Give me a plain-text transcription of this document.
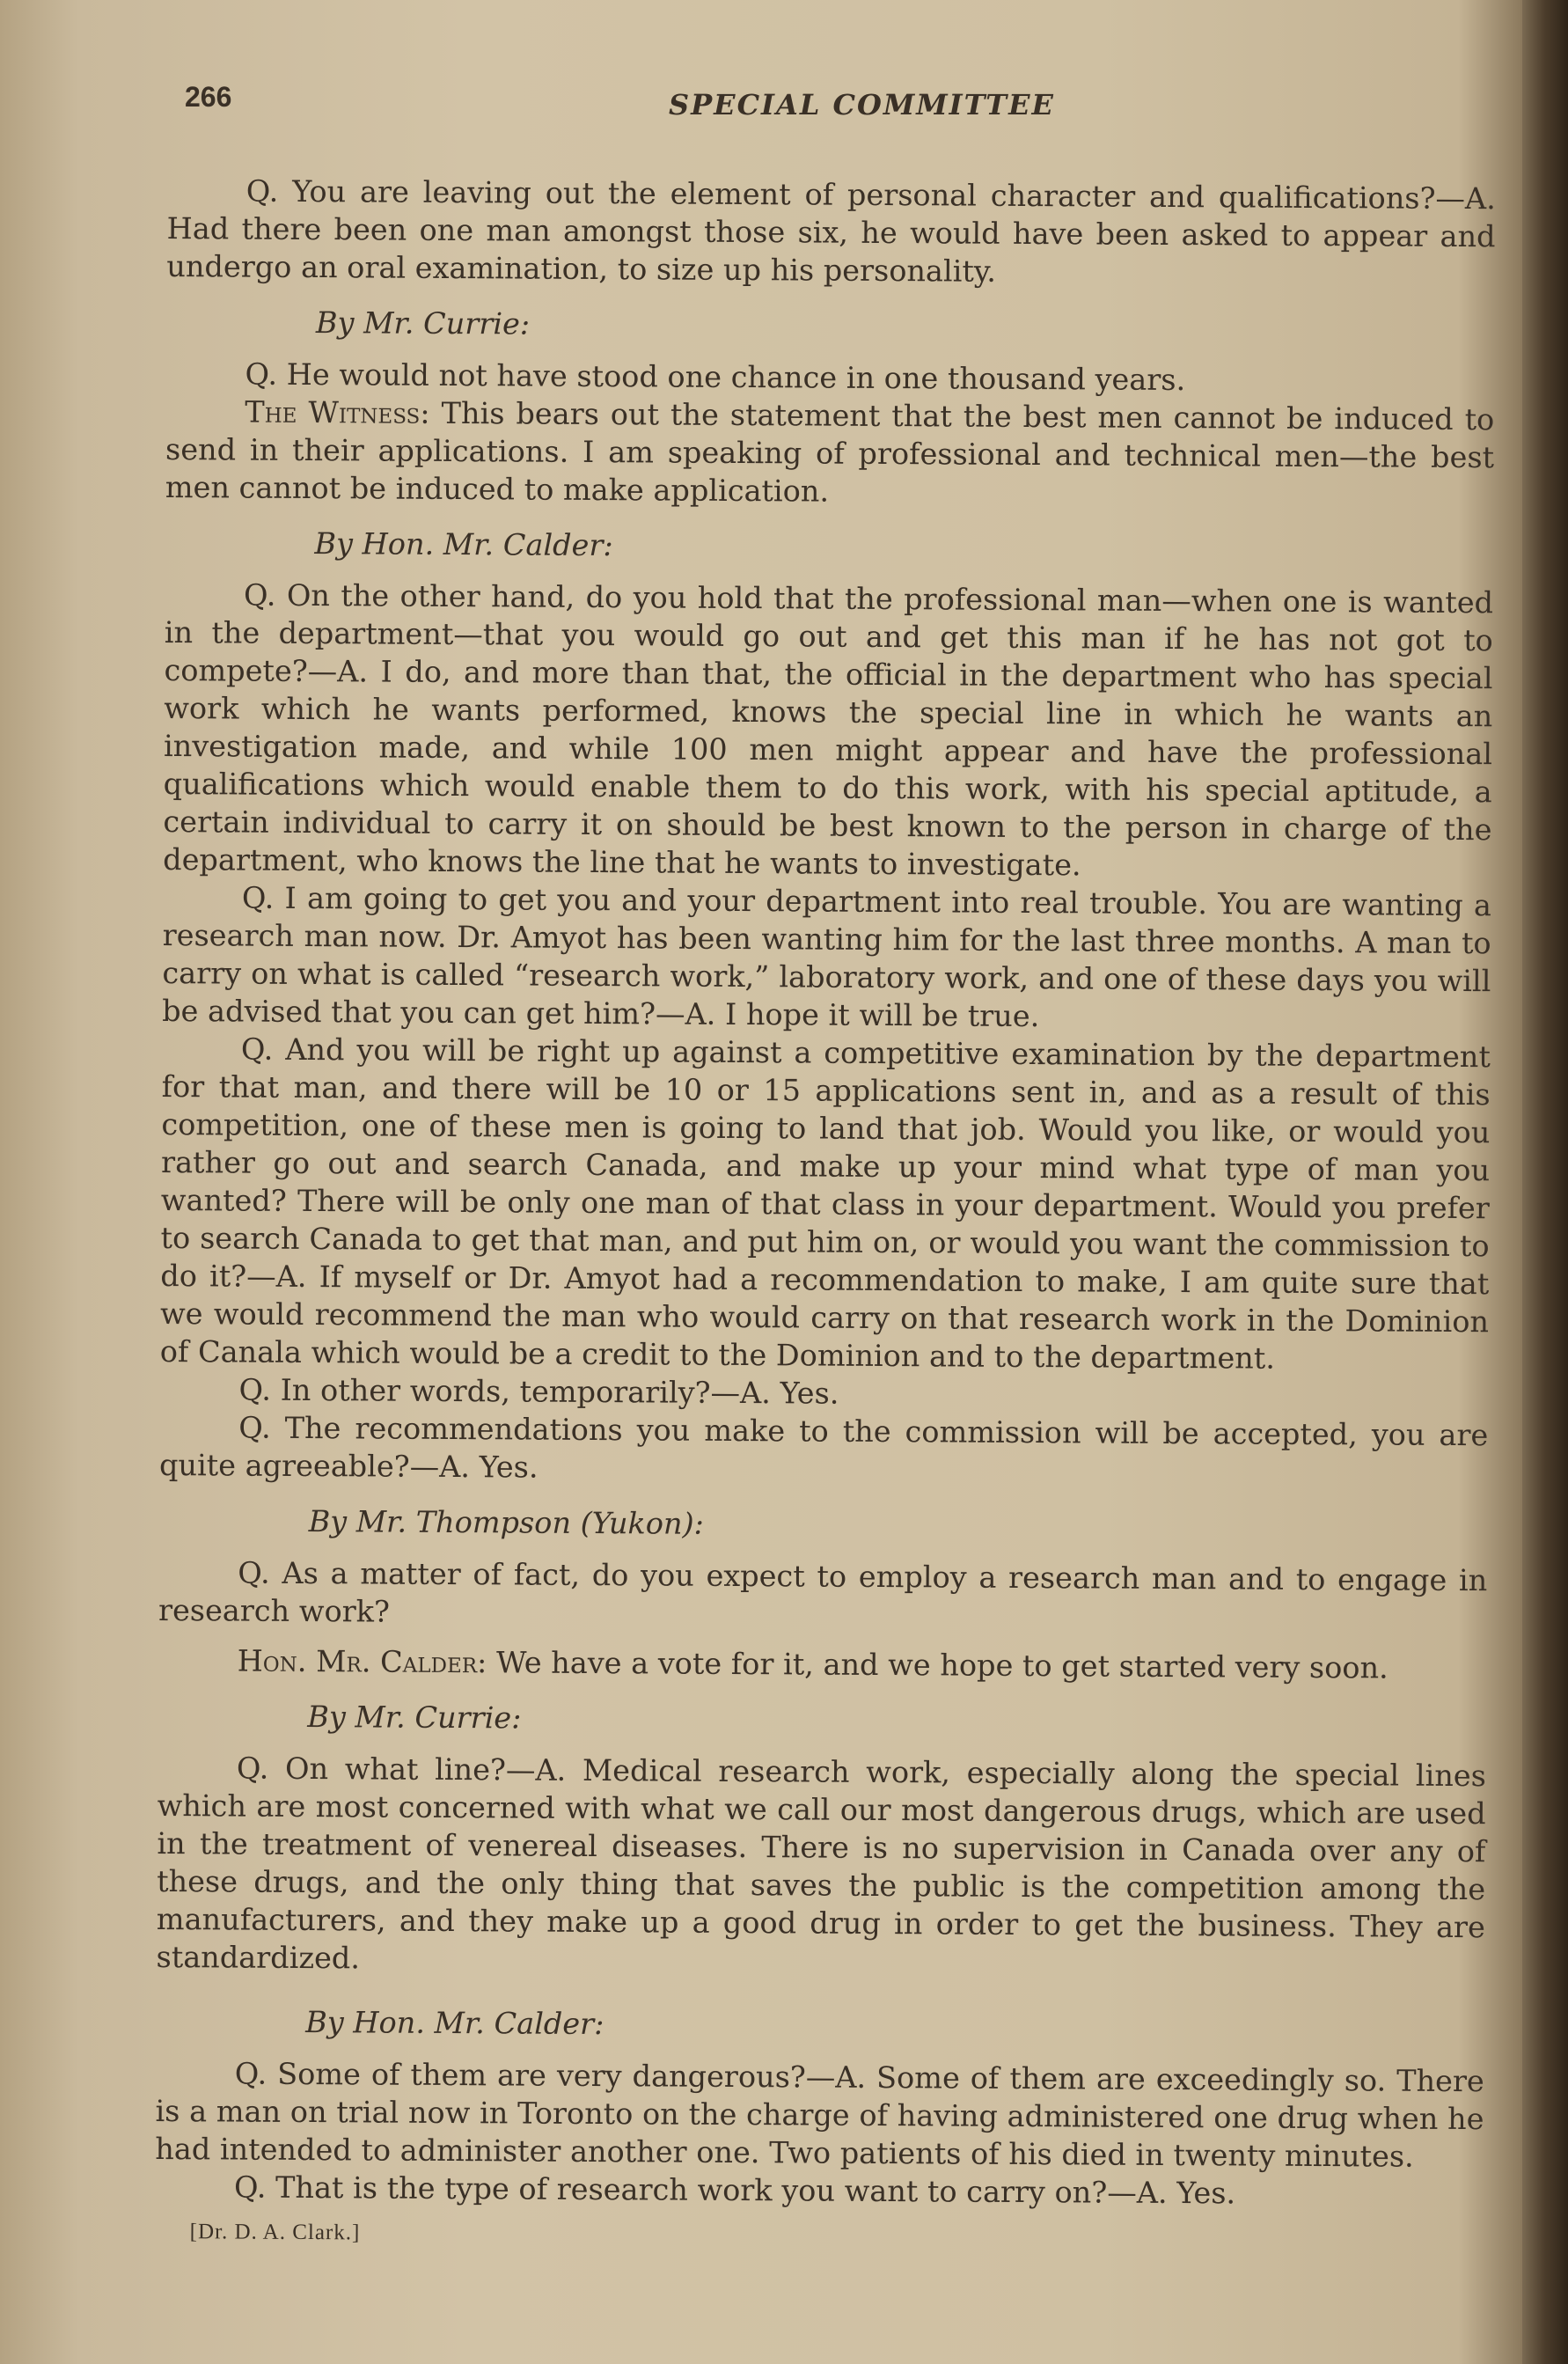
266	SPECIAL COMMITTEE

Q. You are leaving out the element of personal character and qualifications?—A. Had there been one man amongst those six, he would have been asked to appear and undergo an oral examination, to size up his personality.

By Mr. Currie:

Q. He would not have stood one chance in one thousand years.

The Witness: This bears out the statement that the best men cannot be induced to send in their applications. I am speaking of professional and technical men—the best men cannot be induced to make application.

By Hon. Mr. Calder:

Q. On the other hand, do you hold that the professional man—when one is wanted in the department—that you would go out and get this man if he has not got to compete?—A. I do, and more than that, the official in the department who has special work which he wants performed, knows the special line in which he wants an investigation made, and while 100 men might appear and have the professional qualifications which would enable them to do this work, with his special aptitude, a certain individual to carry it on should be best known to the person in charge of the department, who knows the line that he wants to investigate.

Q. I am going to get you and your department into real trouble. You are wanting a research man now. Dr. Amyot has been wanting him for the last three months. A man to carry on what is called “research work,” laboratory work, and one of these days you will be advised that you can get him?—A. I hope it will be true.

Q. And you will be right up against a competitive examination by the department for that man, and there will be 10 or 15 applications sent in, and as a result of this competition, one of these men is going to land that job. Would you like, or would you rather go out and search Canada, and make up your mind what type of man you wanted? There will be only one man of that class in your department. Would you prefer to search Canada to get that man, and put him on, or would you want the commission to do it?—A. If myself or Dr. Amyot had a recommendation to make, I am quite sure that we would recommend the man who would carry on that research work in the Dominion of Canala which would be a credit to the Dominion and to the department.

Q. In other words, temporarily?—A. Yes.

Q. The recommendations you make to the commission will be accepted, you are quite agreeable?—A. Yes.

By Mr. Thompson (Yukon):

Q. As a matter of fact, do you expect to employ a research man and to engage in research work?

Hon. Mr. Calder: We have a vote for it, and we hope to get started very soon.

By Mr. Currie:

Q. On what line?—A. Medical research work, especially along the special lines which are most concerned with what we call our most dangerous drugs, which are used in the treatment of venereal diseases. There is no supervision in Canada over any of these drugs, and the only thing that saves the public is the competition among the manufacturers, and they make up a good drug in order to get the business. They are standardized.

By Hon. Mr. Calder:

Q. Some of them are very dangerous?—A. Some of them are exceedingly so. There is a man on trial now in Toronto on the charge of having administered one drug when he had intended to administer another one. Two patients of his died in twenty minutes.

Q. That is the type of research work you want to carry on?—A. Yes.

[Dr. D. A. Clark.]
